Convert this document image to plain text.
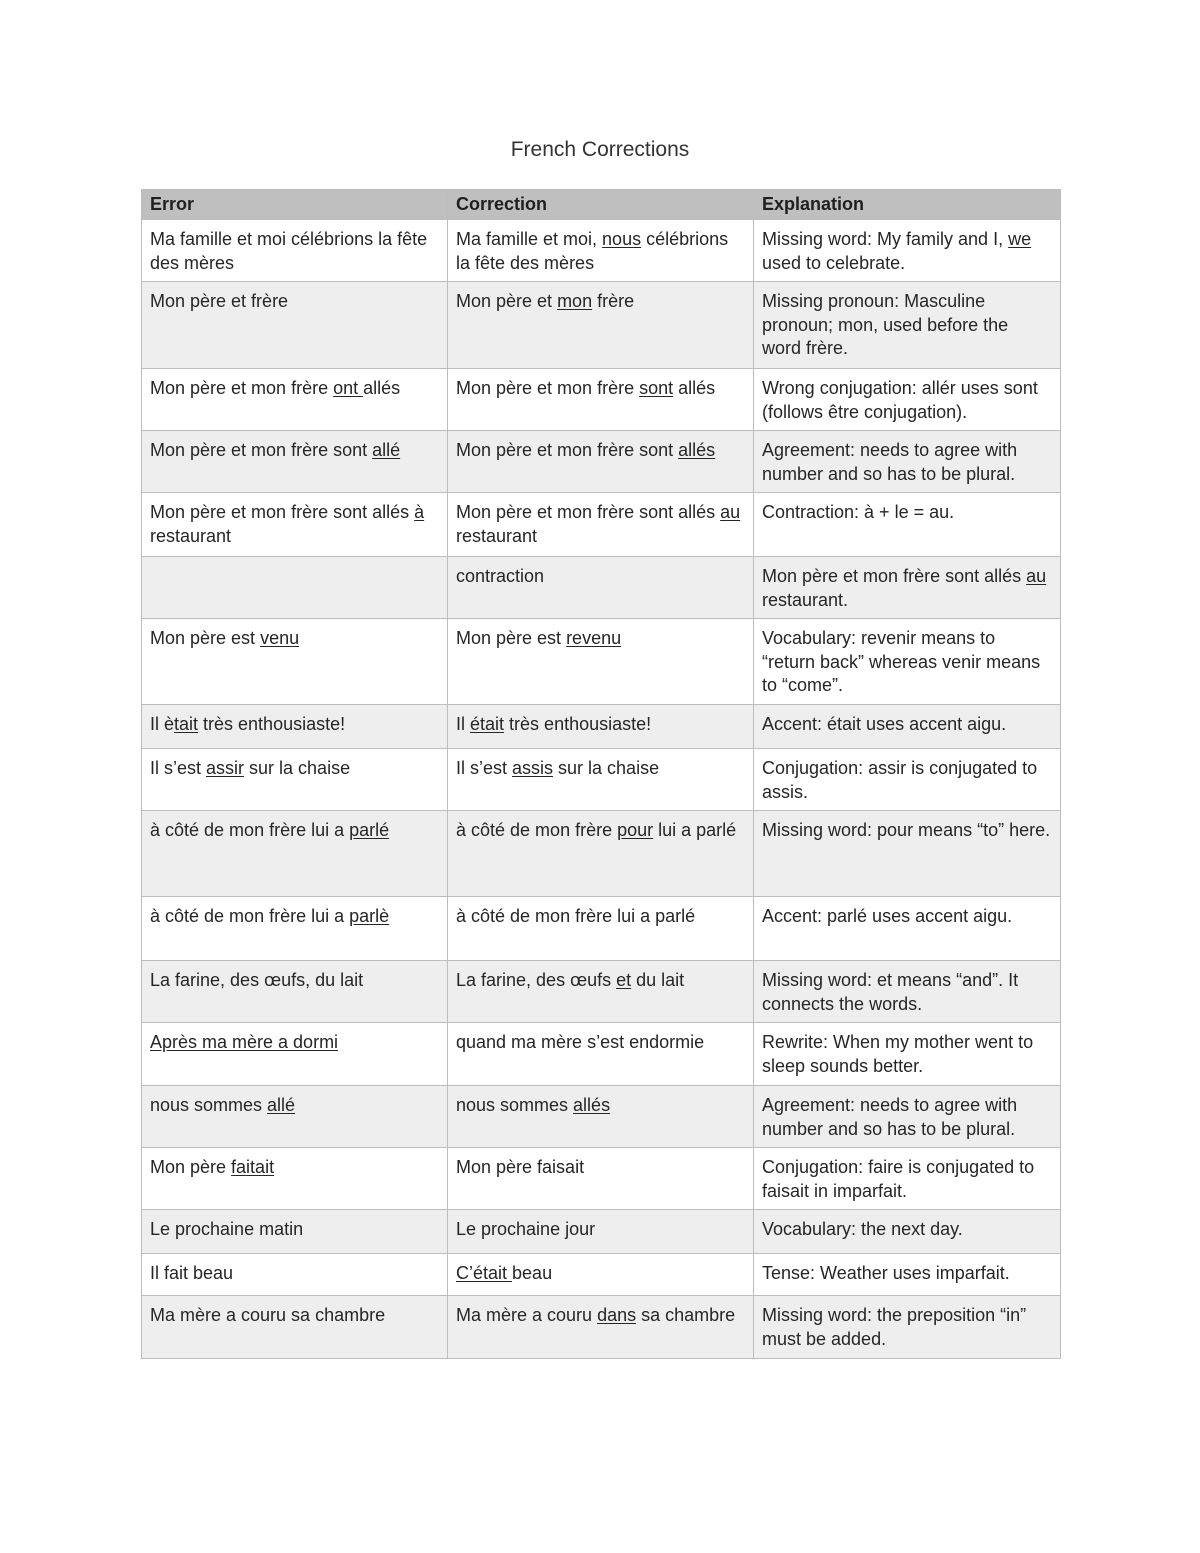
French Corrections
Error	Correction	Explanation
Ma famille et moi célébrions la fête des mères	Ma famille et moi, nous célébrions la fête des mères	Missing word: My family and I, we used to celebrate.
Mon père et frère	Mon père et mon frère	Missing pronoun: Masculine pronoun; mon, used before the word frère.
Mon père et mon frère ont allés	Mon père et mon frère sont allés	Wrong conjugation: allér uses sont (follows être conjugation).
Mon père et mon frère sont allé	Mon père et mon frère sont allés	Agreement: needs to agree with number and so has to be plural.
Mon père et mon frère sont allés à restaurant	Mon père et mon frère sont allés au restaurant	Contraction: à + le = au.
	contraction	Mon père et mon frère sont allés au restaurant.
Mon père est venu	Mon père est revenu	Vocabulary: revenir means to “return back” whereas venir means to “come”.
Il ètait très enthousiaste!	Il était très enthousiaste!	Accent: était uses accent aigu.
Il s’est assir sur la chaise	Il s’est assis sur la chaise	Conjugation: assir is conjugated to assis.
à côté de mon frère lui a parlé	à côté de mon frère pour lui a parlé	Missing word: pour means “to” here.
à côté de mon frère lui a parlè	à côté de mon frère lui a parlé	Accent: parlé uses accent aigu.
La farine, des œufs, du lait	La farine, des œufs et du lait	Missing word: et means “and”. It connects the words.
Après ma mère a dormi	quand ma mère s’est endormie	Rewrite: When my mother went to sleep sounds better.
nous sommes allé	nous sommes allés	Agreement: needs to agree with number and so has to be plural.
Mon père faitait	Mon père faisait	Conjugation: faire is conjugated to faisait in imparfait.
Le prochaine matin	Le prochaine jour	Vocabulary: the next day.
Il fait beau	C’était beau	Tense: Weather uses imparfait.
Ma mère a couru sa chambre	Ma mère a couru dans sa chambre	Missing word: the preposition “in” must be added.
